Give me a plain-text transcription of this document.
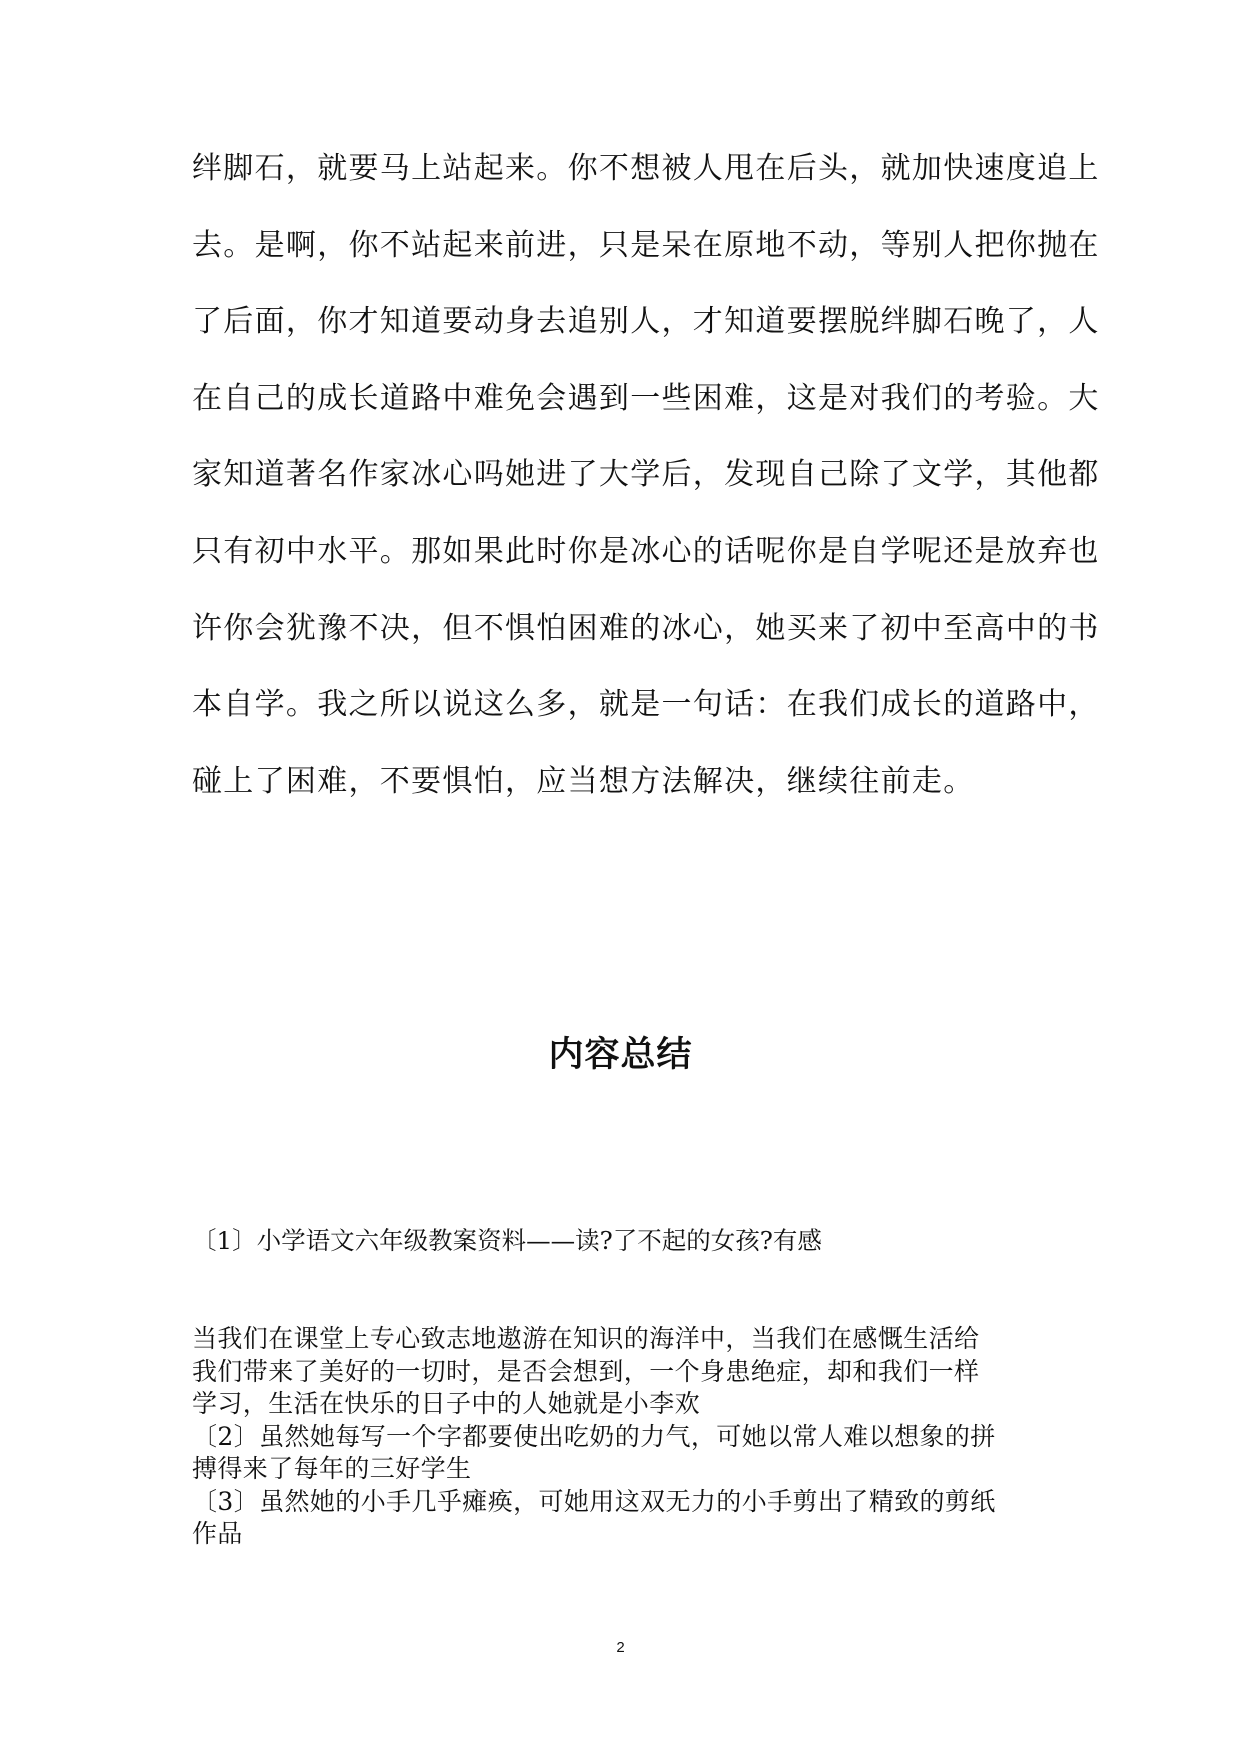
绊脚石，就要马上站起来。你不想被人甩在后头，就加快速度追上
去。是啊，你不站起来前进，只是呆在原地不动，等别人把你抛在
了后面，你才知道要动身去追别人，才知道要摆脱绊脚石晚了，人
在自己的成长道路中难免会遇到一些困难，这是对我们的考验。大
家知道著名作家冰心吗她进了大学后，发现自己除了文学，其他都
只有初中水平。那如果此时你是冰心的话呢你是自学呢还是放弃也
许你会犹豫不决，但不惧怕困难的冰心，她买来了初中至高中的书
本自学。我之所以说这么多，就是一句话：在我们成长的道路中，
碰上了困难，不要惧怕，应当想方法解决，继续往前走。
内容总结
〔1〕小学语文六年级教案资料——读?了不起的女孩?有感
当我们在课堂上专心致志地遨游在知识的海洋中，当我们在感慨生活给
我们带来了美好的一切时，是否会想到，一个身患绝症，却和我们一样
学习，生活在快乐的日子中的人她就是小李欢
〔2〕虽然她每写一个字都要使出吃奶的力气，可她以常人难以想象的拼
搏得来了每年的三好学生
〔3〕虽然她的小手几乎瘫痪，可她用这双无力的小手剪出了精致的剪纸
作品
2
